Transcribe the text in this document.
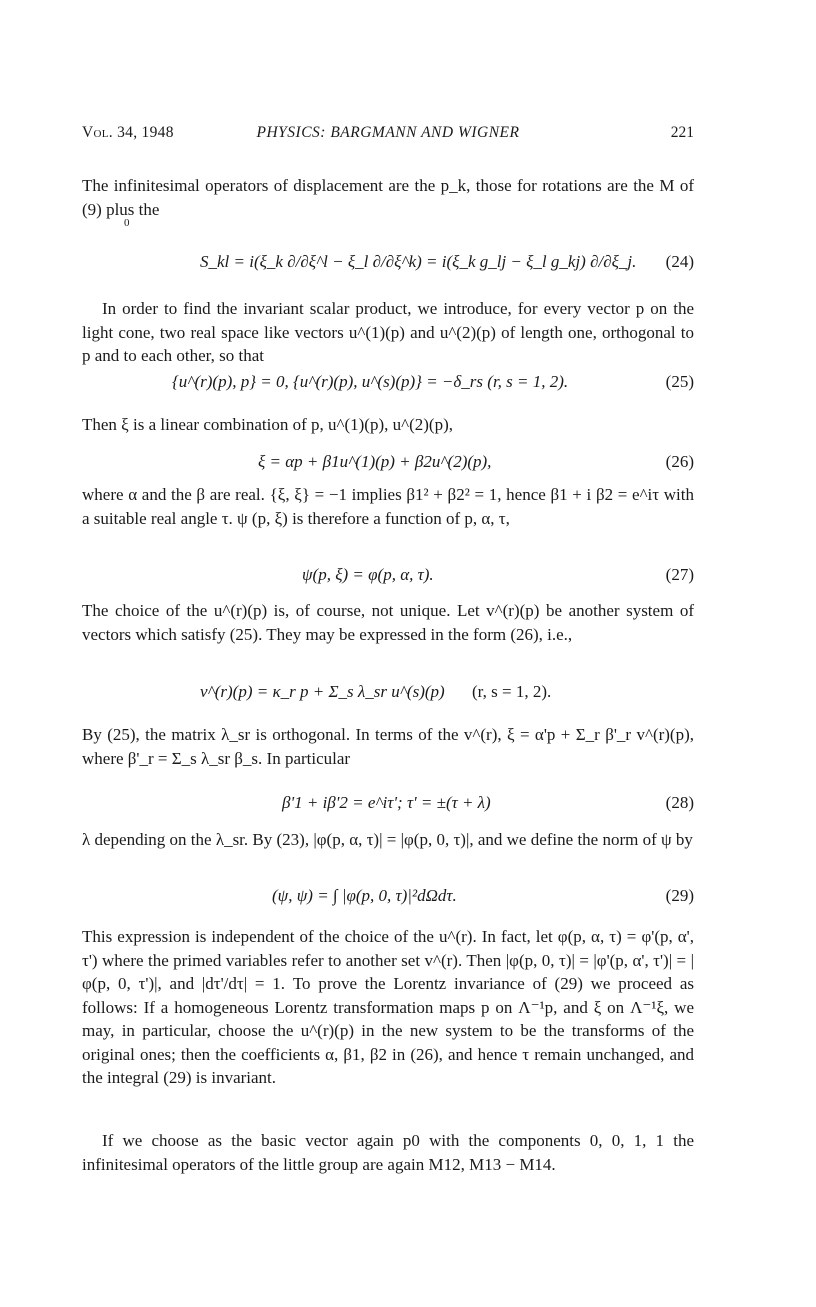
Vol. 34, 1948	PHYSICS: BARGMANN AND WIGNER	221

The infinitesimal operators of displacement are the p_k, those for rotations are the M of (9) plus the

0
S_kl = i(ξ_k ∂/∂ξ^l − ξ_l ∂/∂ξ^k) = i(ξ_k g_lj − ξ_l g_kj) ∂/∂ξ_j. (24)

In order to find the invariant scalar product, we introduce, for every vector p on the light cone, two real space like vectors u^(1)(p) and u^(2)(p) of length one, orthogonal to p and to each other, so that

{u^(r)(p), p} = 0, {u^(r)(p), u^(s)(p)} = −δ_rs (r, s = 1, 2).	(25)

Then ξ is a linear combination of p, u^(1)(p), u^(2)(p),

ξ = αp + β1u^(1)(p) + β2u^(2)(p),	(26)

where α and the β are real. {ξ, ξ} = −1 implies β1² + β2² = 1, hence β1 + i β2 = e^iτ with a suitable real angle τ. ψ (p, ξ) is therefore a function of p, α, τ,

ψ(p, ξ) = φ(p, α, τ).	(27)

The choice of the u^(r)(p) is, of course, not unique. Let v^(r)(p) be another system of vectors which satisfy (25). They may be expressed in the form (26), i.e.,

v^(r)(p) = κ_r p + Σ_s λ_sr u^(s)(p) (r, s = 1, 2).

By (25), the matrix λ_sr is orthogonal. In terms of the v^(r), ξ = α'p + Σ_r β'_r v^(r)(p), where β'_r = Σ_s λ_sr β_s. In particular

β'1 + iβ'2 = e^iτ'; τ' = ±(τ + λ)	(28)

λ depending on the λ_sr. By (23), |φ(p, α, τ)| = |φ(p, 0, τ)|, and we define the norm of ψ by

(ψ, ψ) = ∫ |φ(p, 0, τ)|²dΩdτ.	(29)

This expression is independent of the choice of the u^(r). In fact, let φ(p, α, τ) = φ'(p, α', τ') where the primed variables refer to another set v^(r). Then |φ(p, 0, τ)| = |φ'(p, α', τ')| = |φ(p, 0, τ')|, and |dτ'/dτ| = 1. To prove the Lorentz invariance of (29) we proceed as follows: If a homogeneous Lorentz transformation maps p on Λ⁻¹p, and ξ on Λ⁻¹ξ, we may, in particular, choose the u^(r)(p) in the new system to be the transforms of the original ones; then the coefficients α, β1, β2 in (26), and hence τ remain unchanged, and the integral (29) is invariant.

If we choose as the basic vector again p0 with the components 0, 0, 1, 1 the infinitesimal operators of the little group are again M12, M13 − M14.
